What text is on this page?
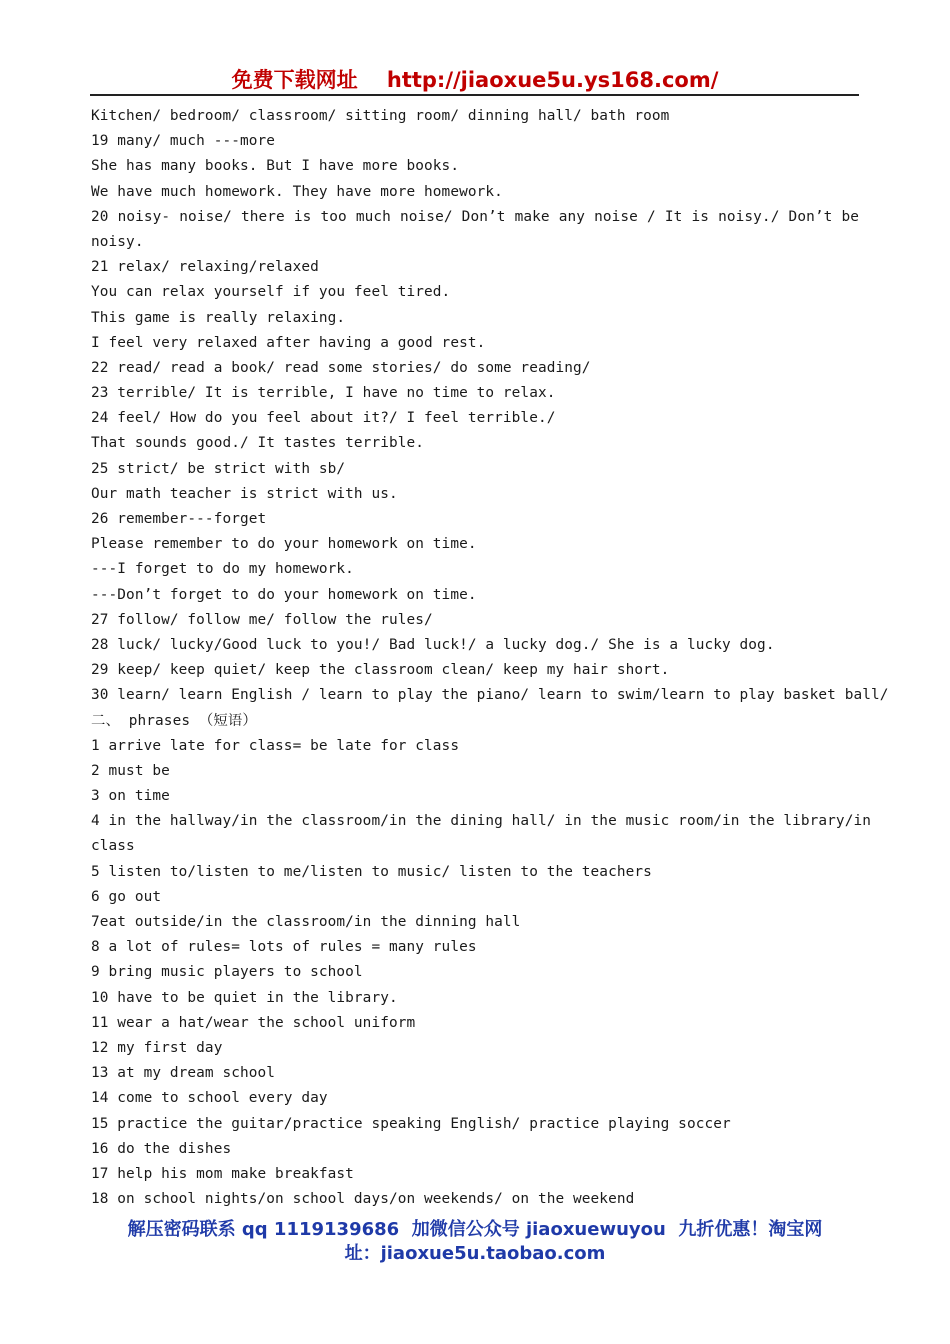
免费下载网址    http://jiaoxue5u.ys168.com/
Kitchen/ bedroom/ classroom/ sitting room/ dinning hall/ bath room
19 many/ much ---more
She has many books. But I have more books.
We have much homework. They have more homework.
20 noisy- noise/ there is too much noise/ Don’t make any noise / It is noisy./ Don’t be
noisy.
21 relax/ relaxing/relaxed
You can relax yourself if you feel tired.
This game is really relaxing.
I feel very relaxed after having a good rest.
22 read/ read a book/ read some stories/ do some reading/
23 terrible/ It is terrible, I have no time to relax.
24 feel/ How do you feel about it?/ I feel terrible./
That sounds good./ It tastes terrible.
25 strict/ be strict with sb/
Our math teacher is strict with us.
26 remember---forget
Please remember to do your homework on time.
---I forget to do my homework.
---Don’t forget to do your homework on time.
27 follow/ follow me/ follow the rules/
28 luck/ lucky/Good luck to you!/ Bad luck!/ a lucky dog./ She is a lucky dog.
29 keep/ keep quiet/ keep the classroom clean/ keep my hair short.
30 learn/ learn English / learn to play the piano/ learn to swim/learn to play basket ball/
二、 phrases （短语）
1 arrive late for class= be late for class
2 must be
3 on time
4 in the hallway/in the classroom/in the dining hall/ in the music room/in the library/in
class
5 listen to/listen to me/listen to music/ listen to the teachers
6 go out
7eat outside/in the classroom/in the dinning hall
8 a lot of rules= lots of rules = many rules
9 bring music players to school
10 have to be quiet in the library.
11 wear a hat/wear the school uniform
12 my first day
13 at my dream school
14 come to school every day
15 practice the guitar/practice speaking English/ practice playing soccer
16 do the dishes
17 help his mom make breakfast
18 on school nights/on school days/on weekends/ on the weekend
解压密码联系 qq 1119139686  加微信公众号 jiaoxuewuyou  九折优惠！淘宝网
址：jiaoxue5u.taobao.com
